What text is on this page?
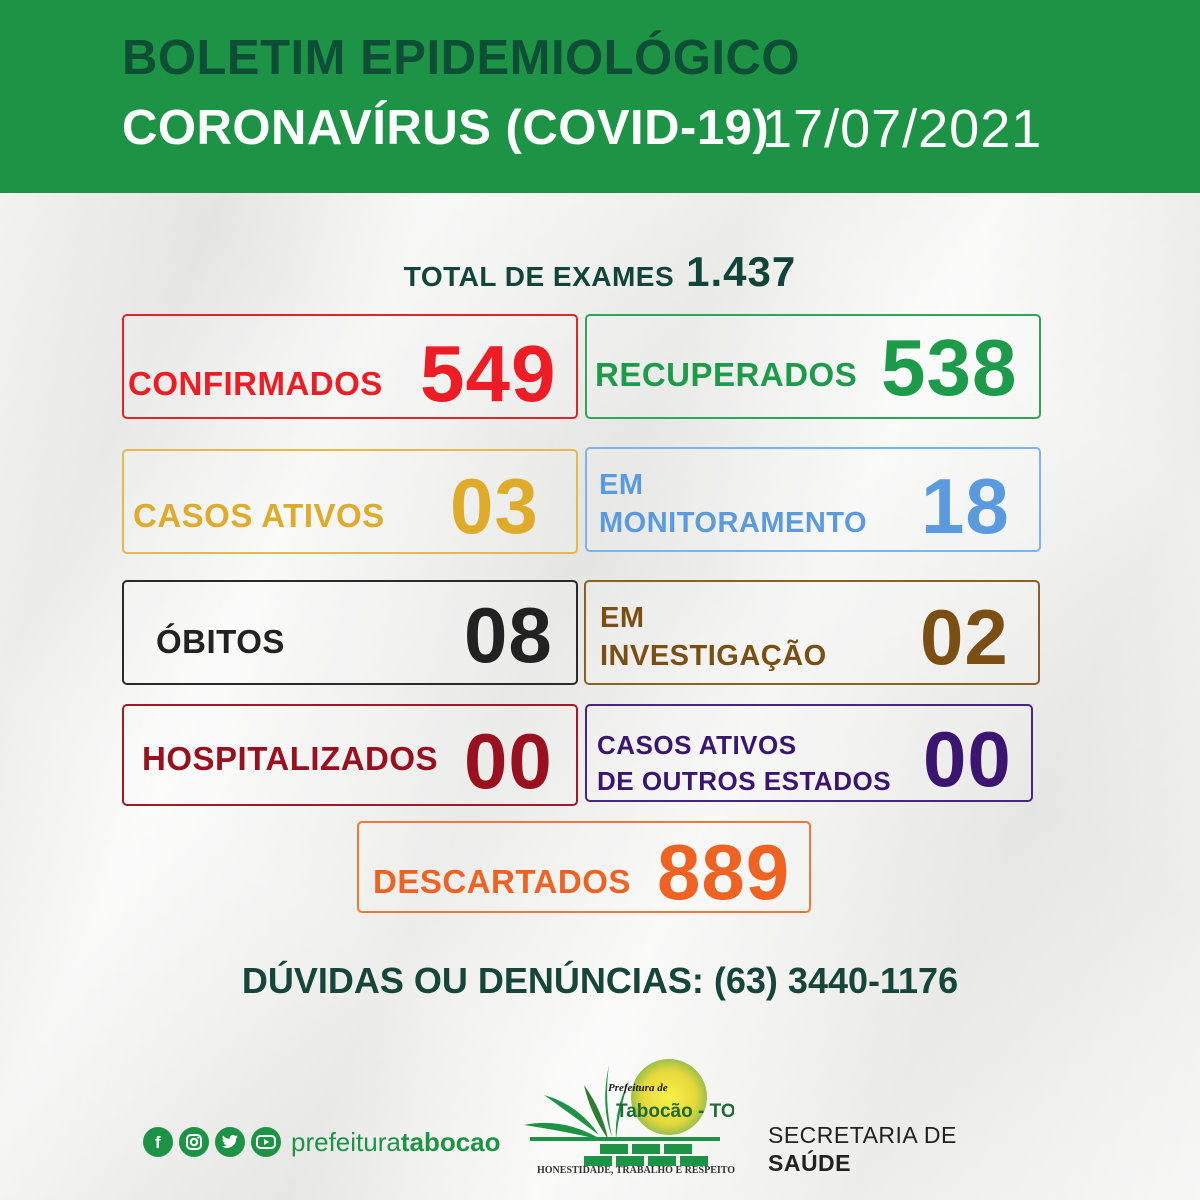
BOLETIM EPIDEMIOLÓGICO
CORONAVÍRUS (COVID-19)
17/07/2021
TOTAL DE EXAMES 1.437
CONFIRMADOS 549 RECUPERADOS 538
CASOS ATIVOS 03 EM
MONITORAMENTO 18
ÓBITOS 08 EM
INVESTIGAÇÃO 02
HOSPITALIZADOS 00 CASOS ATIVOS
DE OUTROS ESTADOS 00
DESCARTADOS 889
DÚVIDAS OU DENÚNCIAS: (63) 3440-1176
f	prefeituratabocao
Prefeitura de
Tabocão - TO
HONESTIDADE, TRABALHO E RESPEITO
SECRETARIA DE
SAÚDE
